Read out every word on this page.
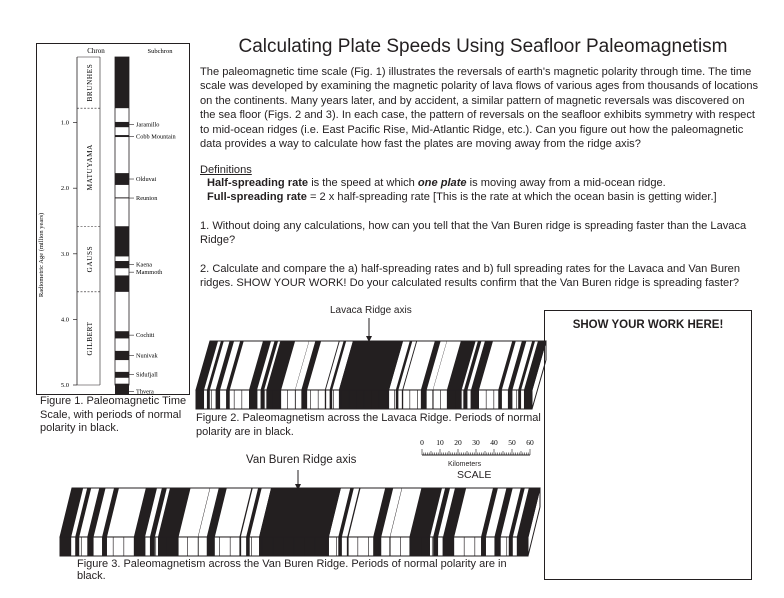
Calculating Plate Speeds Using Seafloor Paleomagnetism
The paleomagnetic time scale (Fig. 1) illustrates the reversals of earth's magnetic polarity through time. The time scale was developed by examining the magnetic polarity of lava flows of various ages from thousands of locations on the continents. Many years later, and by accident, a similar pattern of magnetic reversals was discovered on the sea floor (Figs. 2 and 3). In each case, the pattern of reversals on the seafloor exhibits symmetry with respect to mid-ocean ridges (i.e. East Pacific Rise, Mid-Atlantic Ridge, etc.). Can you figure out how the paleomagnetic data provides a way to calculate how fast the plates are moving away from the ridge axis?
Definitions
Half-spreading rate is the speed at which one plate is moving away from a mid-ocean ridge.
Full-spreading rate = 2 x half-spreading rate [This is the rate at which the ocean basin is getting wider.]
1. Without doing any calculations, how can you tell that the Van Buren ridge is spreading faster than the Lavaca Ridge?
2. Calculate and compare the a) half-spreading rates and b) full spreading rates for the Lavaca and Van Buren ridges. SHOW YOUR WORK! Do your calculated results confirm that the Van Buren ridge is spreading faster?
SHOW YOUR WORK HERE!
Chron	Subchron
1.0
2.0
3.0
4.0
5.0
BRUNHES
MATUYAMA
GAUSS
GILBERT
Jaramillo
Cobb Mountain
Olduvai
Reunion
Kaena
Mammoth
Cochiti
Nunivak
Sidufjall
Thvera
Radiometric Age (million years)
Figure 1. Paleomagnetic Time Scale, with periods of normal polarity in black.
Lavaca Ridge axis
Figure 2. Paleomagnetism across the Lavaca Ridge. Periods of normal polarity are in black.
0 10 20 30 40 50 60
Kilometers
SCALE
Van Buren Ridge axis
Figure 3. Paleomagnetism across the Van Buren Ridge. Periods of normal polarity are in black.
